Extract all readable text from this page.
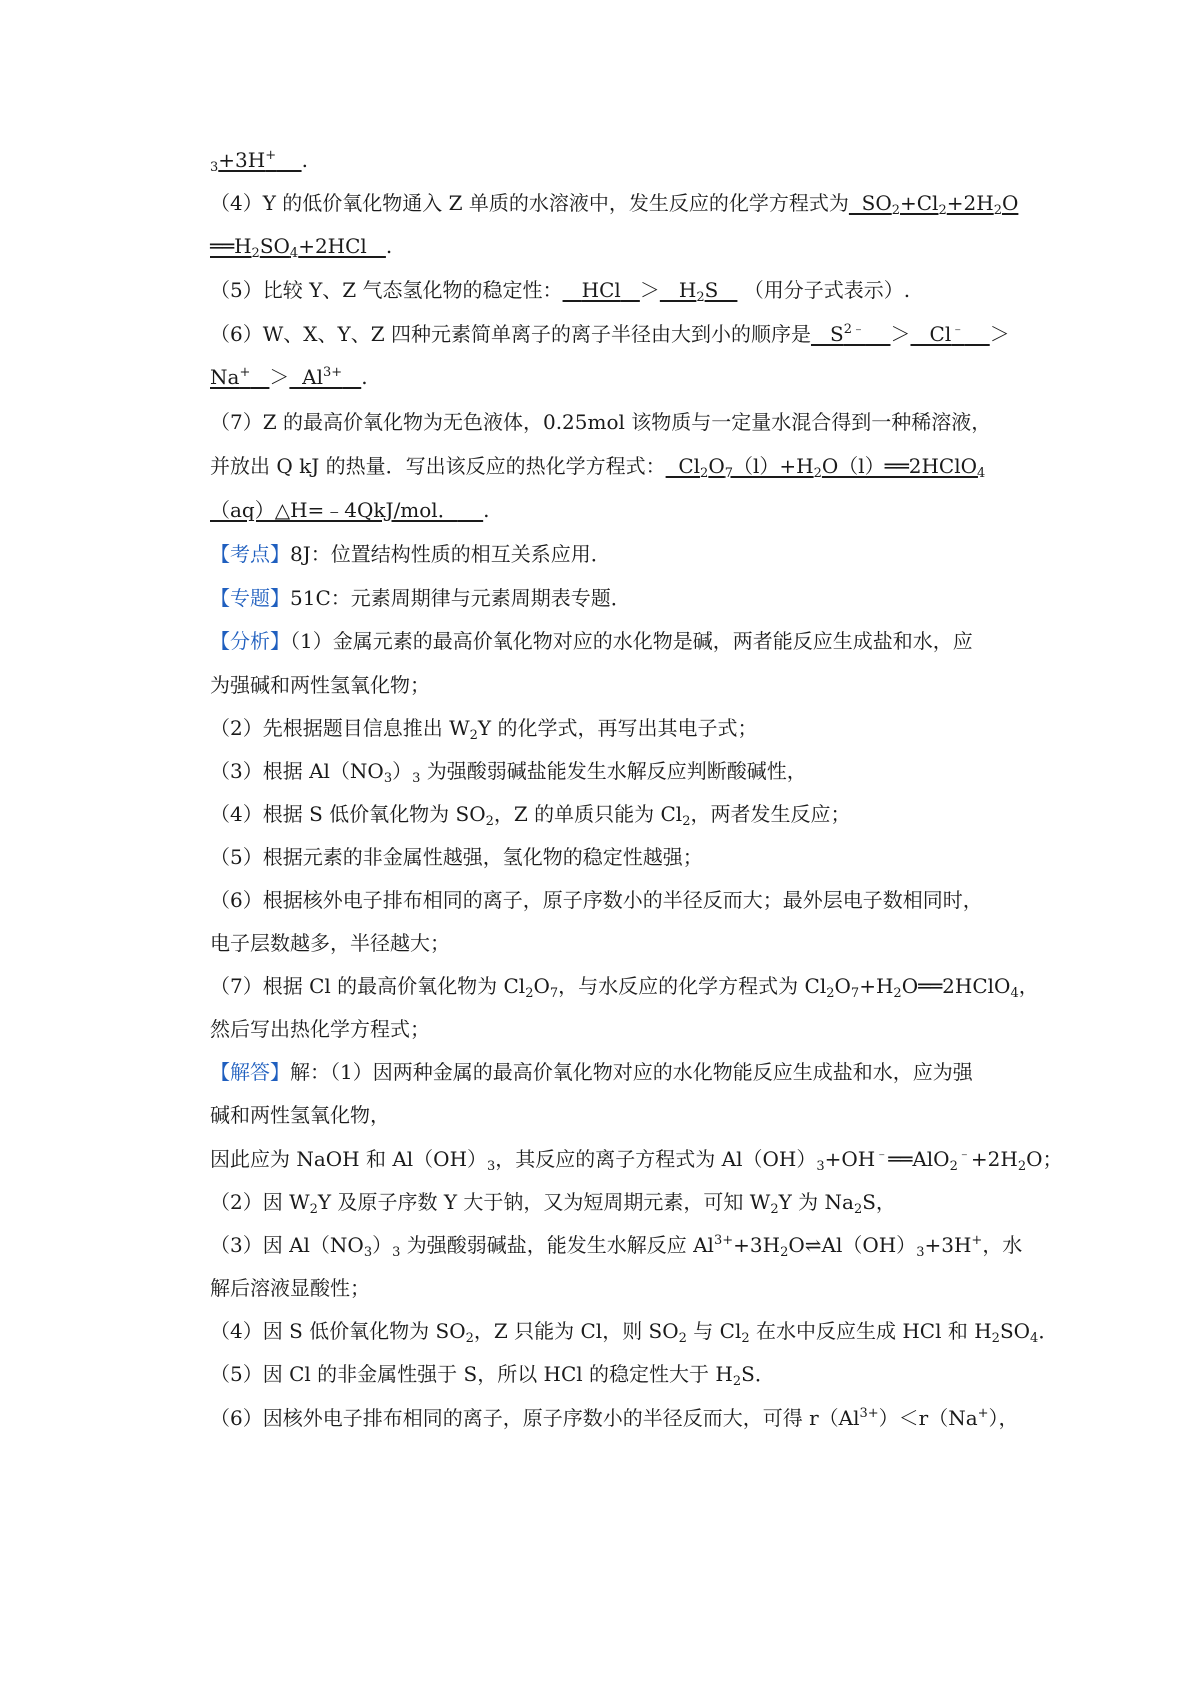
$_3$+3H+ .
（4）Y 的低价氧化物通入 Z 单质的水溶液中，发生反应的化学方程式为  $SO_2+Cl_2+2H_2O$
$══H_2SO_4+2HCl$   .
（5）比较 Y、Z 气态氢化物的稳定性： HCl ＞   $H_2S$    （用分子式表示）.
（6）W、X、Y、Z 四种元素简单离子的离子半径由大到小的顺序是   $S^{2﹣} > Cl^﹣$ ＞
$Na^+ > Al^{3+}$ .
（7）Z 的最高价氧化物为无色液体，0.25mol 该物质与一定量水混合得到一种稀溶液，
并放出 Q kJ 的热量．写出该反应的热化学方程式：  $Cl_2O_7(l)+H_2O(l)══2HClO_4$
（aq）△H=﹣4QkJ/mol． .
【考点】8J：位置结构性质的相互关系应用．
【专题】51C：元素周期律与元素周期表专题．
【分析】（1）金属元素的最高价氧化物对应的水化物是碱，两者能反应生成盐和水，应
为强碱和两性氢氧化物；
（2）先根据题目信息推出 $W_2Y$ 的化学式，再写出其电子式；
（3）根据 $Al(NO_3)_3$ 为强酸弱碱盐能发生水解反应判断酸碱性，
（4）根据 S 低价氧化物为 $SO_2$，Z 的单质只能为 $Cl_2$，两者发生反应；
（5）根据元素的非金属性越强，氢化物的稳定性越强；
（6）根据核外电子排布相同的离子，原子序数小的半径反而大；最外层电子数相同时，
电子层数越多，半径越大；
（7）根据 Cl 的最高价氧化物为 $Cl_2O_7$，与水反应的化学方程式为 $Cl_2O_7+H_2O══2HClO_4$，
然后写出热化学方程式；
【解答】解：（1）因两种金属的最高价氧化物对应的水化物能反应生成盐和水，应为强
碱和两性氢氧化物，
因此应为 NaOH 和 $Al(OH)_3$，其反应的离子方程式为 $Al(OH)_3+OH^﹣══AlO_2^﹣+2H_2O$；
（2）因 $W_2Y$ 及原子序数 Y 大于钠，又为短周期元素，可知 $W_2Y$ 为 $Na_2S$，
（3）因 $Al(NO_3)_3$ 为强酸弱碱盐，能发生水解反应 $Al^{3+}+3H_2O\rightleftharpoons Al(OH)_3+3H^+$，水
解后溶液显酸性；
（4）因 S 低价氧化物为 $SO_2$，Z 只能为 Cl，则 $SO_2$ 与 $Cl_2$ 在水中反应生成 HCl 和 $H_2SO_4$．
（5）因 Cl 的非金属性强于 S，所以 HCl 的稳定性大于 $H_2S$．
（6）因核外电子排布相同的离子，原子序数小的半径反而大，可得 $r(Al^{3+})<r(Na^+)$，
